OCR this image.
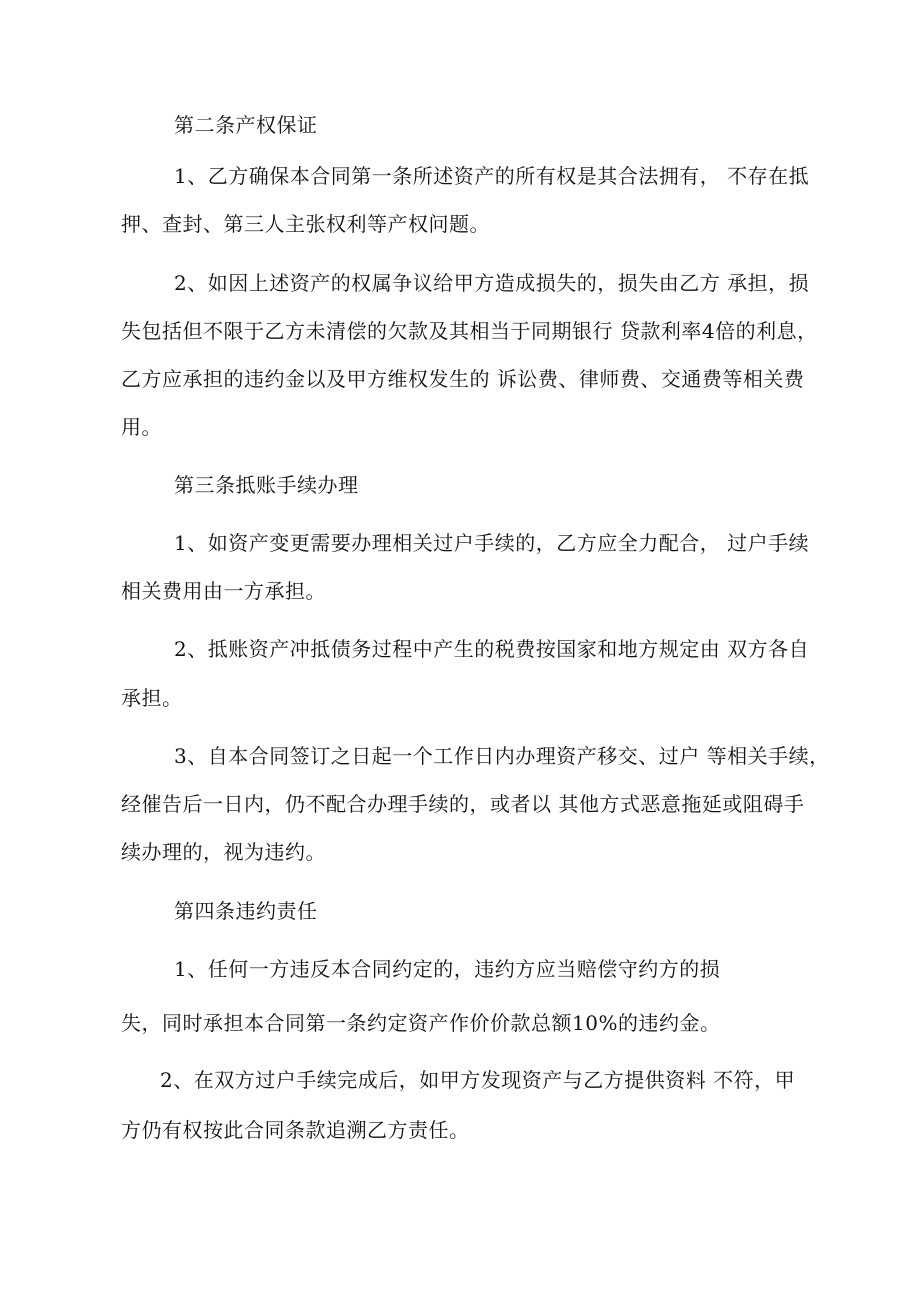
第二条产权保证
1、乙方确保本合同第一条所述资产的所有权是其合法拥有， 不存在抵
押、查封、第三人主张权利等产权问题。
2、如因上述资产的权属争议给甲方造成损失的，损失由乙方 承担，损
失包括但不限于乙方未清偿的欠款及其相当于同期银行 贷款利率4倍的利息，
乙方应承担的违约金以及甲方维权发生的 诉讼费、律师费、交通费等相关费
用。
第三条抵账手续办理
1、如资产变更需要办理相关过户手续的，乙方应全力配合， 过户手续
相关费用由一方承担。
2、抵账资产冲抵债务过程中产生的税费按国家和地方规定由 双方各自
承担。
3、自本合同签订之日起一个工作日内办理资产移交、过户 等相关手续，
经催告后一日内，仍不配合办理手续的，或者以 其他方式恶意拖延或阻碍手
续办理的，视为违约。
第四条违约责任
1、任何一方违反本合同约定的，违约方应当赔偿守约方的损
失，同时承担本合同第一条约定资产作价价款总额10%的违约金。
2、在双方过户手续完成后，如甲方发现资产与乙方提供资料 不符，甲
方仍有权按此合同条款追溯乙方责任。
